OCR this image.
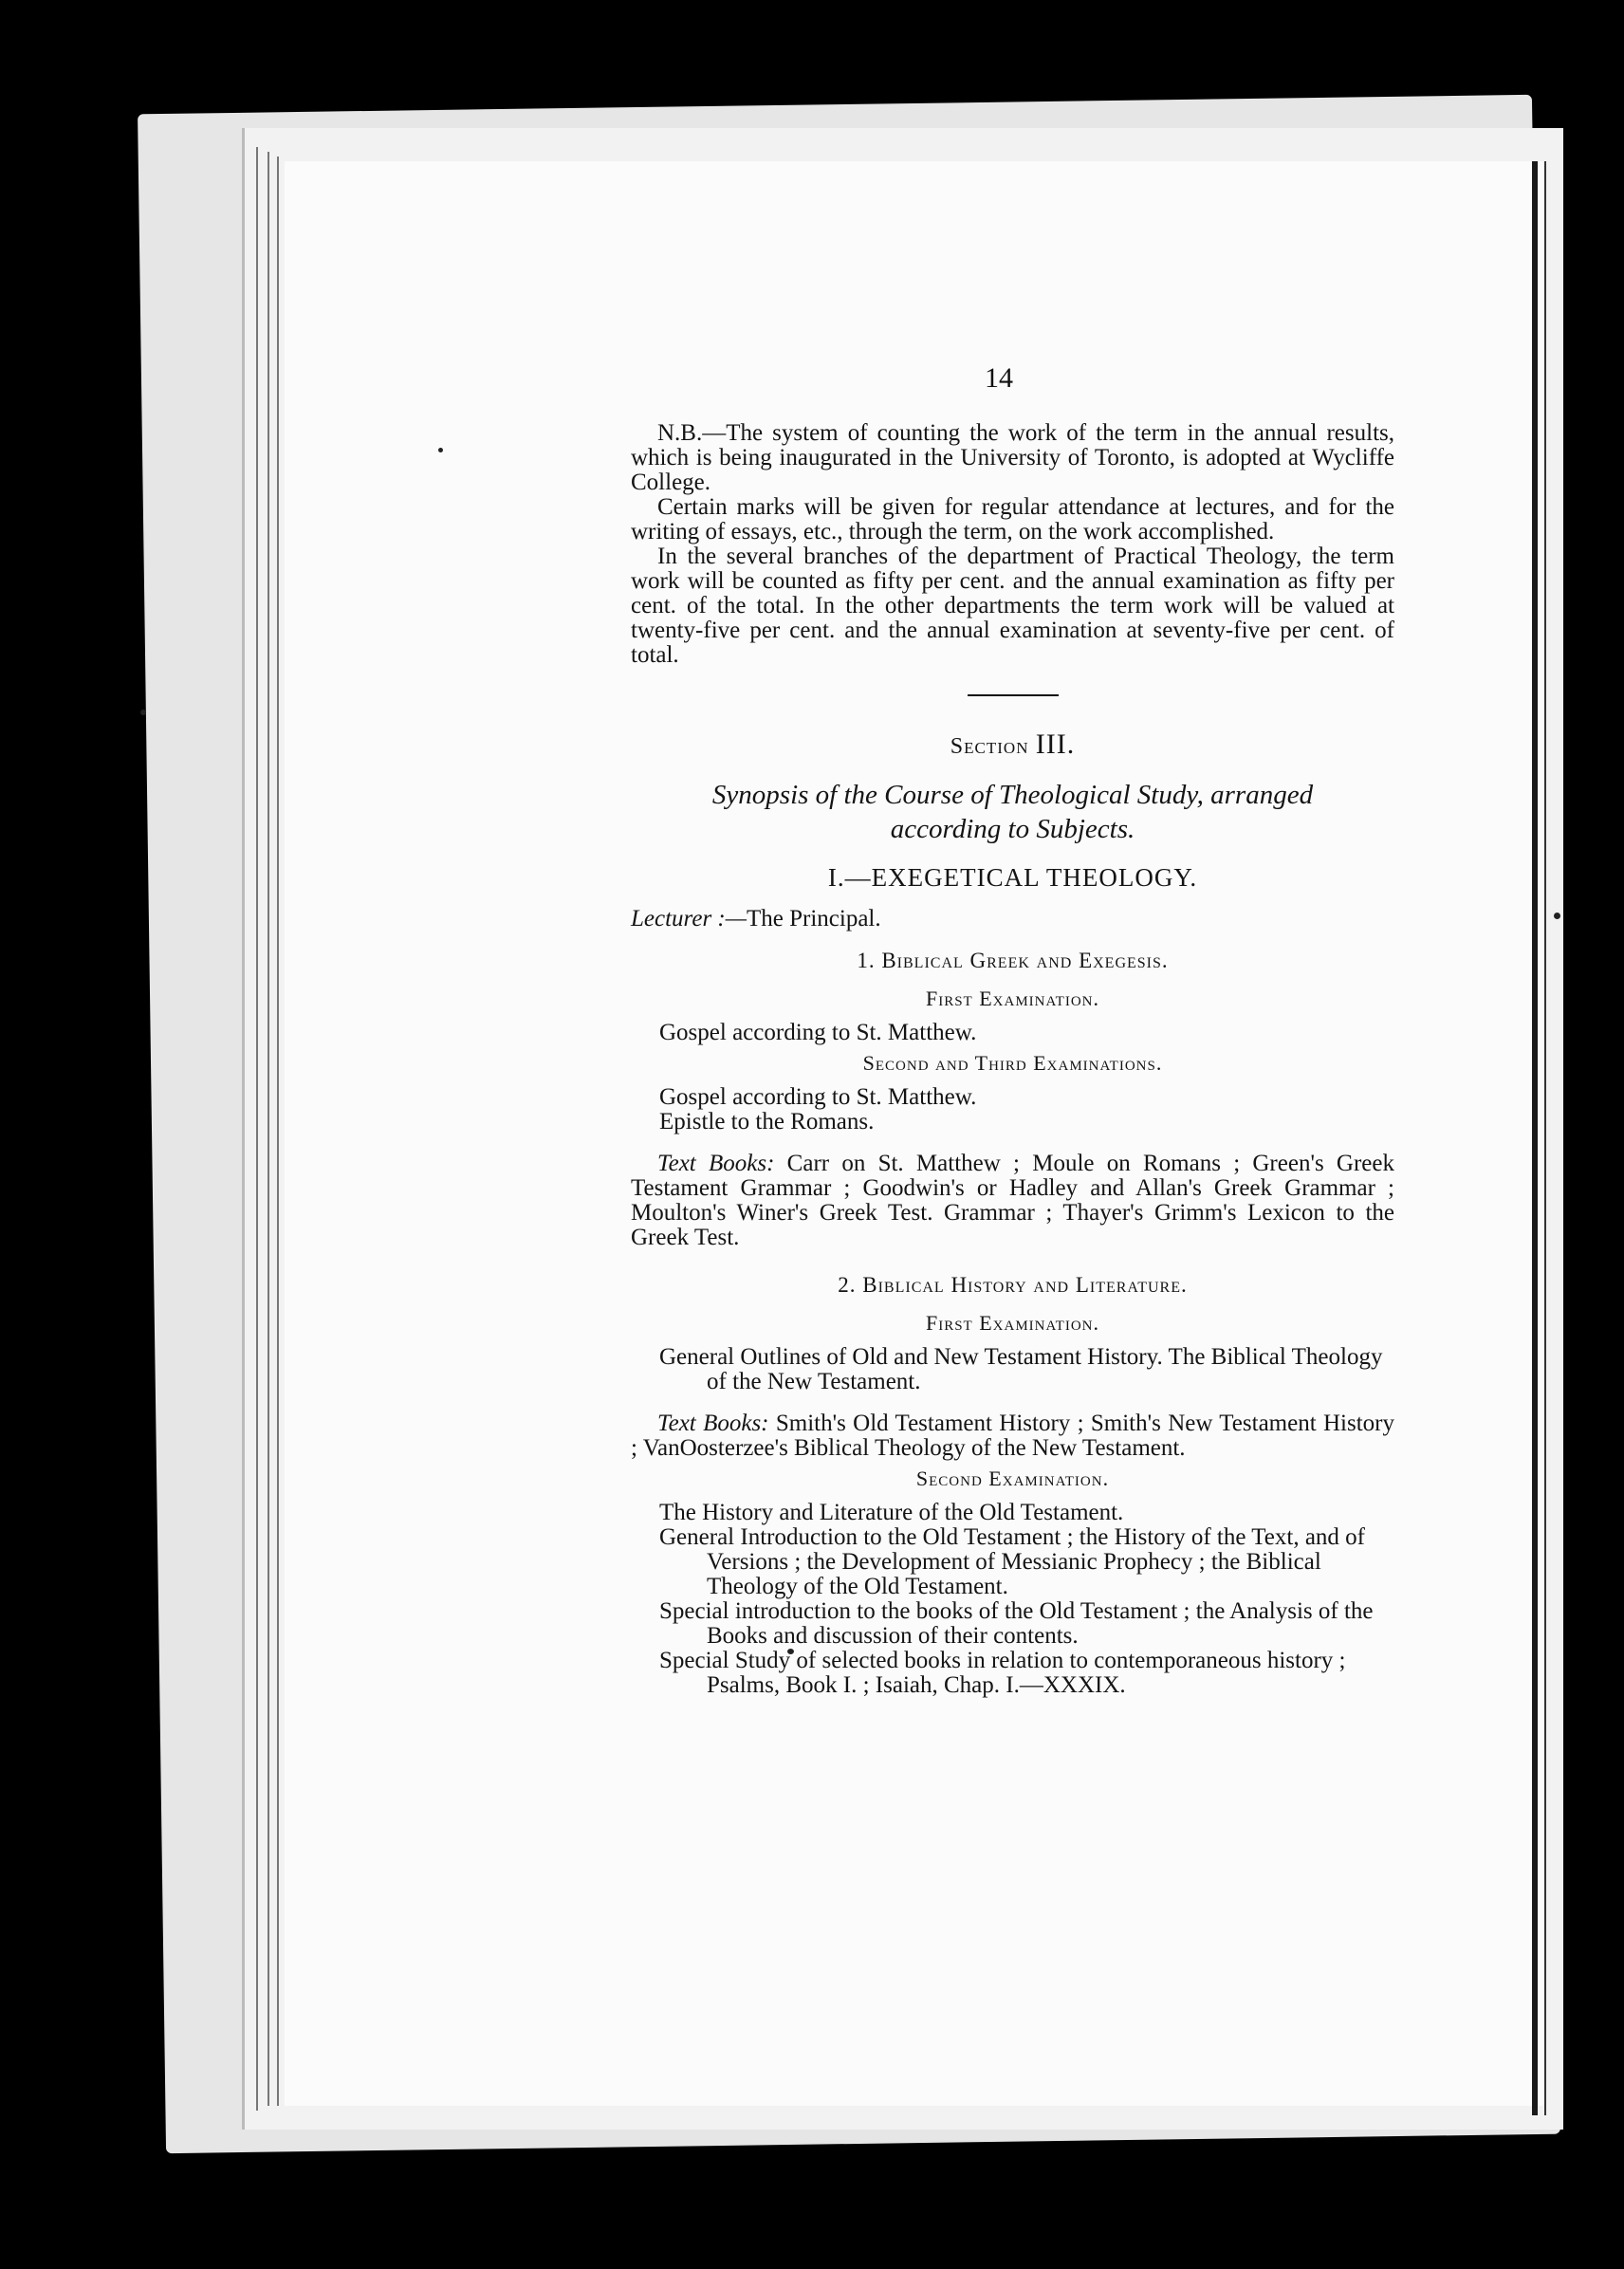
14

N.B.—The system of counting the work of the term in the annual results, which is being inaugurated in the University of Toronto, is adopted at Wycliffe College.

Certain marks will be given for regular attendance at lectures, and for the writing of essays, etc., through the term, on the work accomplished.

In the several branches of the department of Practical Theology, the term work will be counted as fifty per cent. and the annual examination as fifty per cent. of the total. In the other departments the term work will be valued at twenty-five per cent. and the annual examination at seventy-five per cent. of total.

Section III.
Synopsis of the Course of Theological Study, arranged
according to Subjects.
I.—EXEGETICAL THEOLOGY.

Lecturer :—The Principal.

1. Biblical Greek and Exegesis.
First Examination.

Gospel according to St. Matthew.

Second and Third Examinations.

Gospel according to St. Matthew.

Epistle to the Romans.

Text Books: Carr on St. Matthew ; Moule on Romans ; Green's Greek Testament Grammar ; Goodwin's or Hadley and Allan's Greek Grammar ; Moulton's Winer's Greek Test. Grammar ; Thayer's Grimm's Lexicon to the Greek Test.

2. Biblical History and Literature.
First Examination.

General Outlines of Old and New Testament History. The Biblical Theology of the New Testament.

Text Books: Smith's Old Testament History ; Smith's New Testament History ; VanOosterzee's Biblical Theology of the New Testament.

Second Examination.

The History and Literature of the Old Testament.

General Introduction to the Old Testament ; the History of the Text, and of Versions ; the Development of Messianic Prophecy ; the Biblical Theology of the Old Testament.

Special introduction to the books of the Old Testament ; the Analysis of the Books and discussion of their contents.

Special Study of selected books in relation to contemporaneous history ; Psalms, Book I. ; Isaiah, Chap. I.—XXXIX.
